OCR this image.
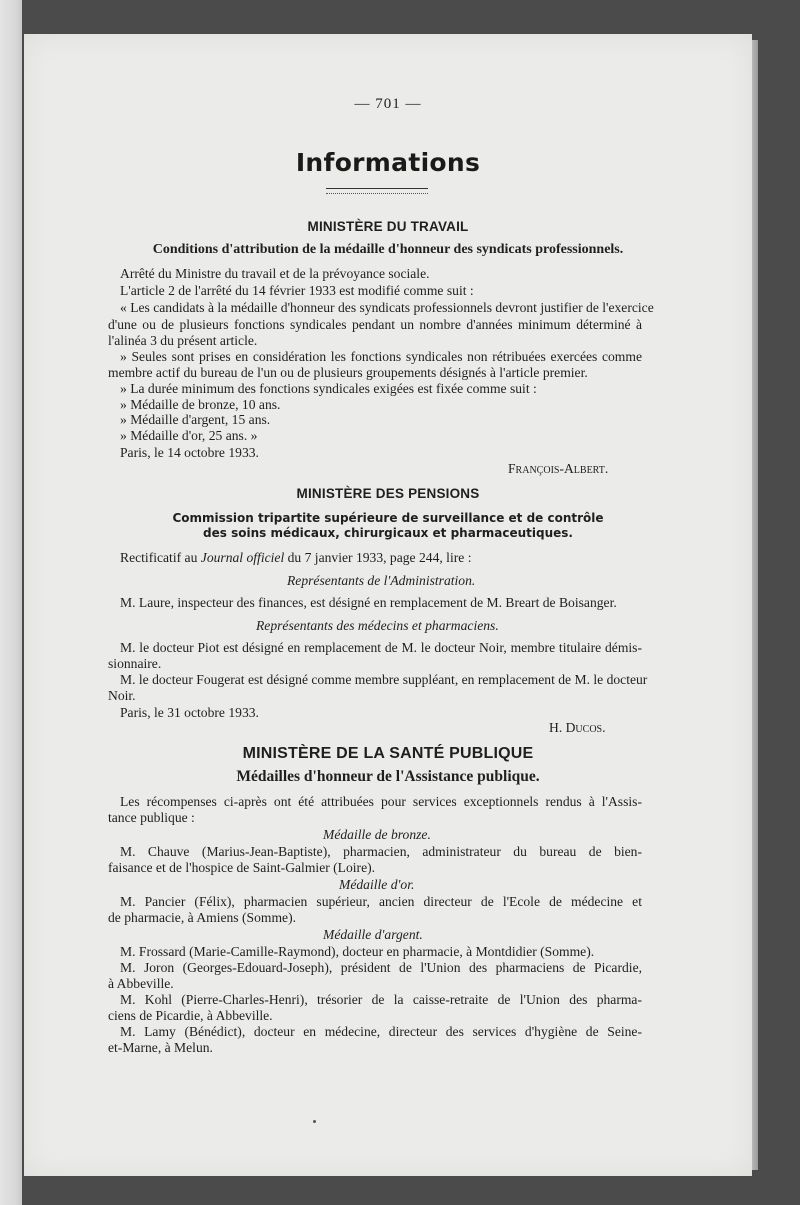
— 701 —
Informations
MINISTÈRE DU TRAVAIL
Conditions d'attribution de la médaille d'honneur des syndicats professionnels.
Arrêté du Ministre du travail et de la prévoyance sociale.
L'article 2 de l'arrêté du 14 février 1933 est modifié comme suit :
« Les candidats à la médaille d'honneur des syndicats professionnels devront justifier de l'exercice
d'une ou de plusieurs fonctions syndicales pendant un nombre d'années minimum déterminé à
l'alinéa 3 du présent article.
» Seules sont prises en considération les fonctions syndicales non rétribuées exercées comme
membre actif du bureau de l'un ou de plusieurs groupements désignés à l'article premier.
» La durée minimum des fonctions syndicales exigées est fixée comme suit :
» Médaille de bronze, 10 ans.
» Médaille d'argent, 15 ans.
» Médaille d'or, 25 ans. »
Paris, le 14 octobre 1933.
François-Albert.
MINISTÈRE DES PENSIONS
Commission tripartite supérieure de surveillance et de contrôle
des soins médicaux, chirurgicaux et pharmaceutiques.
Rectificatif au Journal officiel du 7 janvier 1933, page 244, lire :
Représentants de l'Administration.
M. Laure, inspecteur des finances, est désigné en remplacement de M. Breart de Boisanger.
Représentants des médecins et pharmaciens.
M. le docteur Piot est désigné en remplacement de M. le docteur Noir, membre titulaire démis-
sionnaire.
M. le docteur Fougerat est désigné comme membre suppléant, en remplacement de M. le docteur
Noir.
Paris, le 31 octobre 1933.
H. Ducos.
MINISTÈRE DE LA SANTÉ PUBLIQUE
Médailles d'honneur de l'Assistance publique.
Les récompenses ci-après ont été attribuées pour services exceptionnels rendus à l'Assis-
tance publique :
Médaille de bronze.
M. Chauve (Marius-Jean-Baptiste), pharmacien, administrateur du bureau de bien-
faisance et de l'hospice de Saint-Galmier (Loire).
Médaille d'or.
M. Pancier (Félix), pharmacien supérieur, ancien directeur de l'Ecole de médecine et
de pharmacie, à Amiens (Somme).
Médaille d'argent.
M. Frossard (Marie-Camille-Raymond), docteur en pharmacie, à Montdidier (Somme).
M. Joron (Georges-Edouard-Joseph), président de l'Union des pharmaciens de Picardie,
à Abbeville.
M. Kohl (Pierre-Charles-Henri), trésorier de la caisse-retraite de l'Union des pharma-
ciens de Picardie, à Abbeville.
M. Lamy (Bénédict), docteur en médecine, directeur des services d'hygiène de Seine-
et-Marne, à Melun.
